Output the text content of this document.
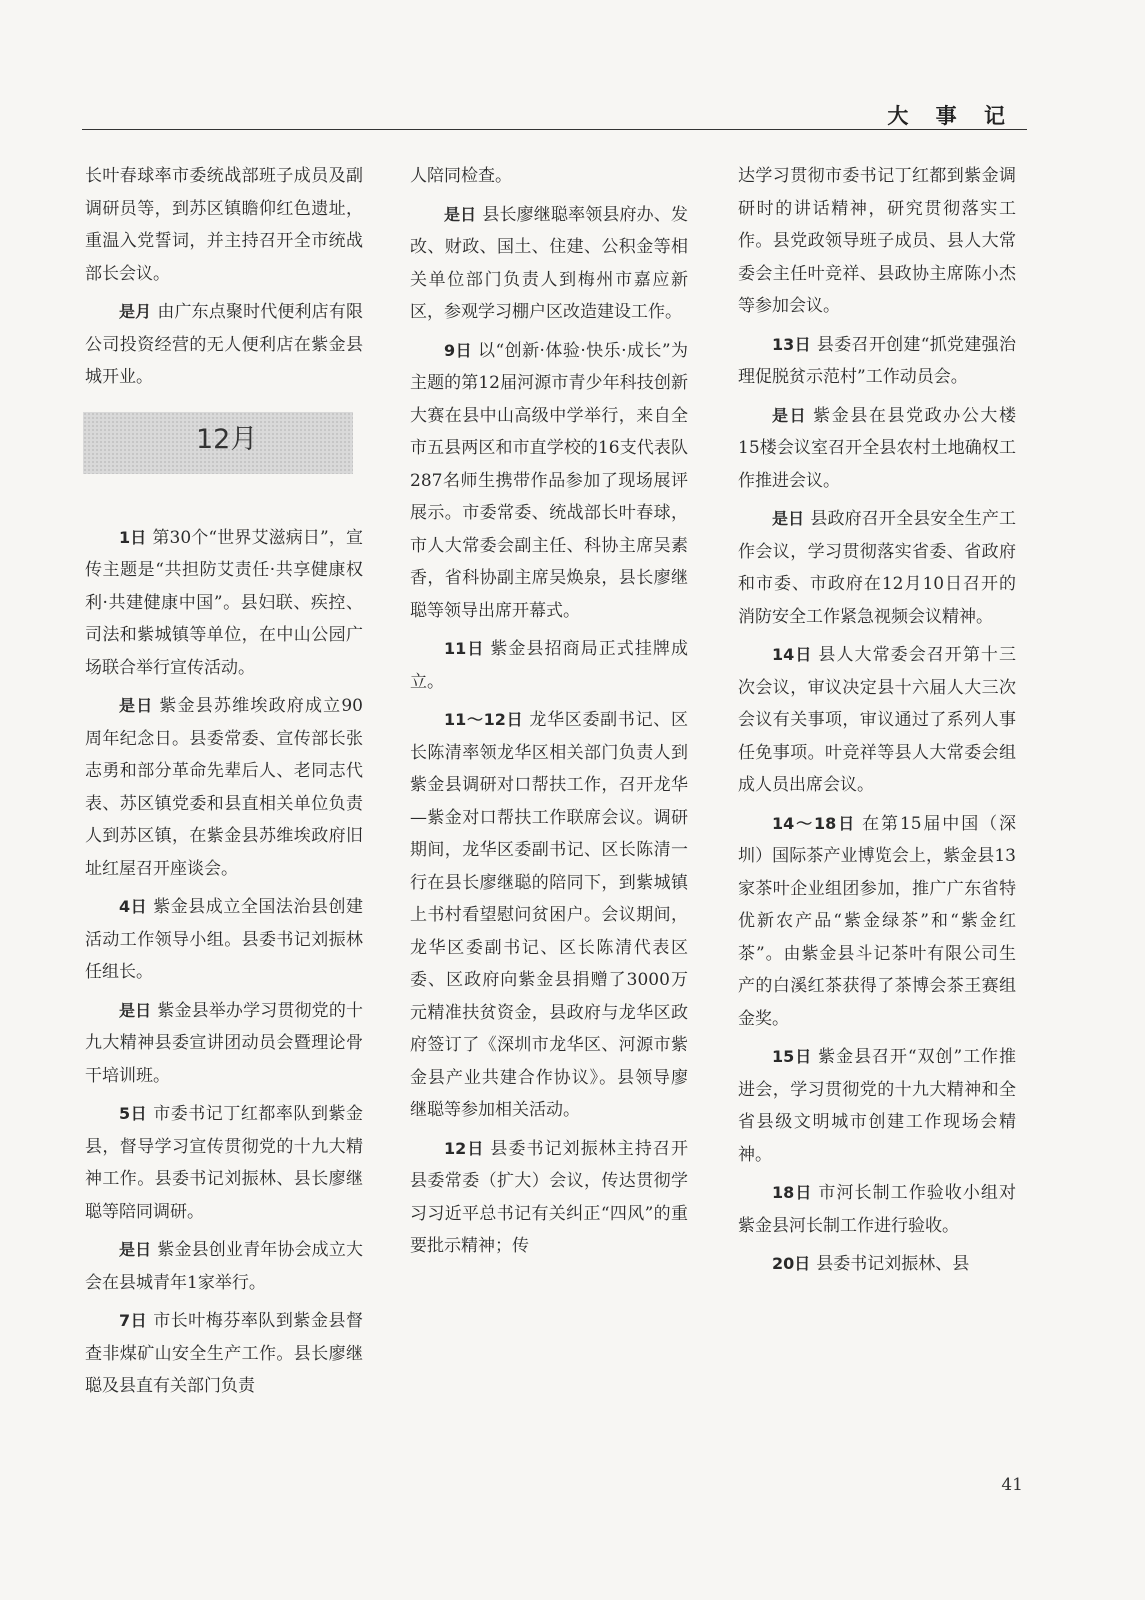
大 事 记

长叶春球率市委统战部班子成员及副调研员等，到苏区镇瞻仰红色遗址，重温入党誓词，并主持召开全市统战部长会议。

是月 由广东点聚时代便利店有限公司投资经营的无人便利店在紫金县城开业。

12月

1日 第30个“世界艾滋病日”，宣传主题是“共担防艾责任·共享健康权利·共建健康中国”。县妇联、疾控、司法和紫城镇等单位，在中山公园广场联合举行宣传活动。

是日 紫金县苏维埃政府成立90周年纪念日。县委常委、宣传部长张志勇和部分革命先辈后人、老同志代表、苏区镇党委和县直相关单位负责人到苏区镇，在紫金县苏维埃政府旧址红屋召开座谈会。

4日 紫金县成立全国法治县创建活动工作领导小组。县委书记刘振林任组长。

是日 紫金县举办学习贯彻党的十九大精神县委宣讲团动员会暨理论骨干培训班。

5日 市委书记丁红都率队到紫金县，督导学习宣传贯彻党的十九大精神工作。县委书记刘振林、县长廖继聪等陪同调研。

是日 紫金县创业青年协会成立大会在县城青年1家举行。

7日 市长叶梅芬率队到紫金县督查非煤矿山安全生产工作。县长廖继聪及县直有关部门负责

人陪同检查。

是日 县长廖继聪率领县府办、发改、财政、国土、住建、公积金等相关单位部门负责人到梅州市嘉应新区，参观学习棚户区改造建设工作。

9日 以“创新·体验·快乐·成长”为主题的第12届河源市青少年科技创新大赛在县中山高级中学举行，来自全市五县两区和市直学校的16支代表队287名师生携带作品参加了现场展评展示。市委常委、统战部长叶春球，市人大常委会副主任、科协主席吴素香，省科协副主席吴焕泉，县长廖继聪等领导出席开幕式。

11日 紫金县招商局正式挂牌成立。

11～12日 龙华区委副书记、区长陈清率领龙华区相关部门负责人到紫金县调研对口帮扶工作，召开龙华—紫金对口帮扶工作联席会议。调研期间，龙华区委副书记、区长陈清一行在县长廖继聪的陪同下，到紫城镇上书村看望慰问贫困户。会议期间，龙华区委副书记、区长陈清代表区委、区政府向紫金县捐赠了3000万元精准扶贫资金，县政府与龙华区政府签订了《深圳市龙华区、河源市紫金县产业共建合作协议》。县领导廖继聪等参加相关活动。

12日 县委书记刘振林主持召开县委常委（扩大）会议，传达贯彻学习习近平总书记有关纠正“四风”的重要批示精神；传

达学习贯彻市委书记丁红都到紫金调研时的讲话精神，研究贯彻落实工作。县党政领导班子成员、县人大常委会主任叶竞祥、县政协主席陈小杰等参加会议。

13日 县委召开创建“抓党建强治理促脱贫示范村”工作动员会。

是日 紫金县在县党政办公大楼15楼会议室召开全县农村土地确权工作推进会议。

是日 县政府召开全县安全生产工作会议，学习贯彻落实省委、省政府和市委、市政府在12月10日召开的消防安全工作紧急视频会议精神。

14日 县人大常委会召开第十三次会议，审议决定县十六届人大三次会议有关事项，审议通过了系列人事任免事项。叶竞祥等县人大常委会组成人员出席会议。

14～18日 在第15届中国（深圳）国际茶产业博览会上，紫金县13家茶叶企业组团参加，推广广东省特优新农产品“紫金绿茶”和“紫金红茶”。由紫金县斗记茶叶有限公司生产的白溪红茶获得了茶博会茶王赛组金奖。

15日 紫金县召开“双创”工作推进会，学习贯彻党的十九大精神和全省县级文明城市创建工作现场会精神。

18日 市河长制工作验收小组对紫金县河长制工作进行验收。

20日 县委书记刘振林、县

41
